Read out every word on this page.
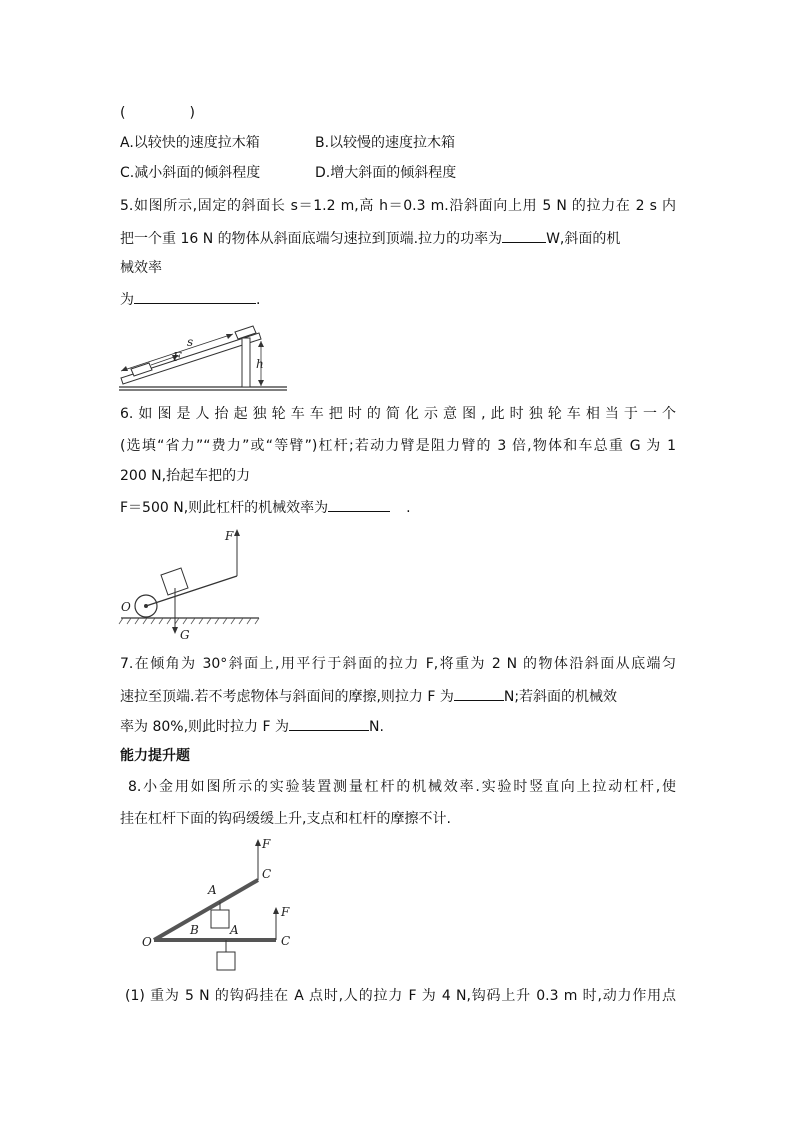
(	)
A.以较快的速度拉木箱	B.以较慢的速度拉木箱
C.减小斜面的倾斜程度	D.增大斜面的倾斜程度
5.如图所示,固定的斜面长 s＝1.2 m,高 h＝0.3 m.沿斜面向上用 5 N 的拉力在 2 s 内
把一个重 16 N 的物体从斜面底端匀速拉到顶端.拉力的功率为	W,斜面的机
械效率
为	.
s
F	h
6.如图是人抬起独轮车车把时的简化示意图,此时独轮车相当于一个
(选填“省力”“费力”或“等臂”)杠杆;若动力臂是阻力臂的 3 倍,物体和车总重 G 为 1
200 N,抬起车把的力
F＝500 N,则此杠杆的机械效率为	.
F
O
G
7.在倾角为 30°斜面上,用平行于斜面的拉力 F,将重为 2 N 的物体沿斜面从底端匀
速拉至顶端.若不考虑物体与斜面间的摩擦,则拉力 F 为	N;若斜面的机械效
率为 80%,则此时拉力 F 为	N.
能力提升题
8.小金用如图所示的实验装置测量杠杆的机械效率.实验时竖直向上拉动杠杆,使
挂在杠杆下面的钩码缓缓上升,支点和杠杆的摩擦不计.
O
A
B
C
F
A
C
F
(1) 重为 5 N 的钩码挂在 A 点时,人的拉力 F 为 4 N,钩码上升 0.3 m 时,动力作用点
